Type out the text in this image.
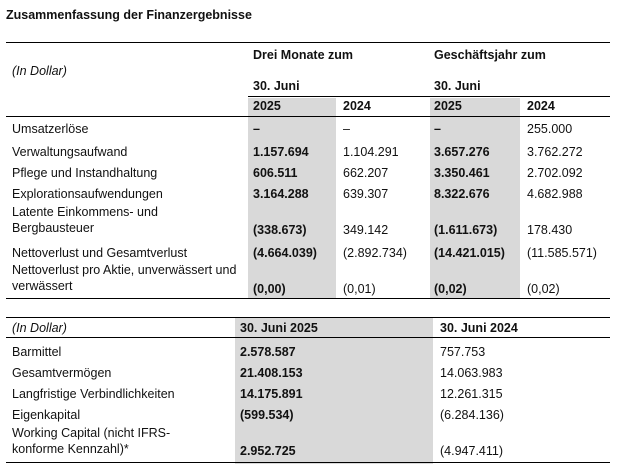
Zusammenfassung der Finanzergebnisse
Drei Monate zum	Geschäftsjahr zum
(In Dollar)
30. Juni	30. Juni
2025	2024	2025	2024
Umsatzerlöse	–	–	–	255.000
Verwaltungsaufwand	1.157.694	1.104.291	3.657.276	3.762.272
Pflege und Instandhaltung	606.511	662.207	3.350.461	2.702.092
Explorationsaufwendungen	3.164.288	639.307	8.322.676	4.682.988
Latente Einkommens- und Bergbausteuer	(338.673)	349.142	(1.611.673) 178.430
Nettoverlust und Gesamtverlust	(4.664.039) (2.892.734) (14.421.015) (11.585.571)
Nettoverlust pro Aktie, unverwässert und verwässert	(0,00)	(0,01)	(0,02)	(0,02)
(In Dollar)	30. Juni 2025	30. Juni 2024
Barmittel	2.578.587	757.753
Gesamtvermögen	21.408.153	14.063.983
Langfristige Verbindlichkeiten	14.175.891	12.261.315
Eigenkapital	(599.534)	(6.284.136)
Working Capital (nicht IFRS-konforme Kennzahl)*	2.952.725	(4.947.411)
